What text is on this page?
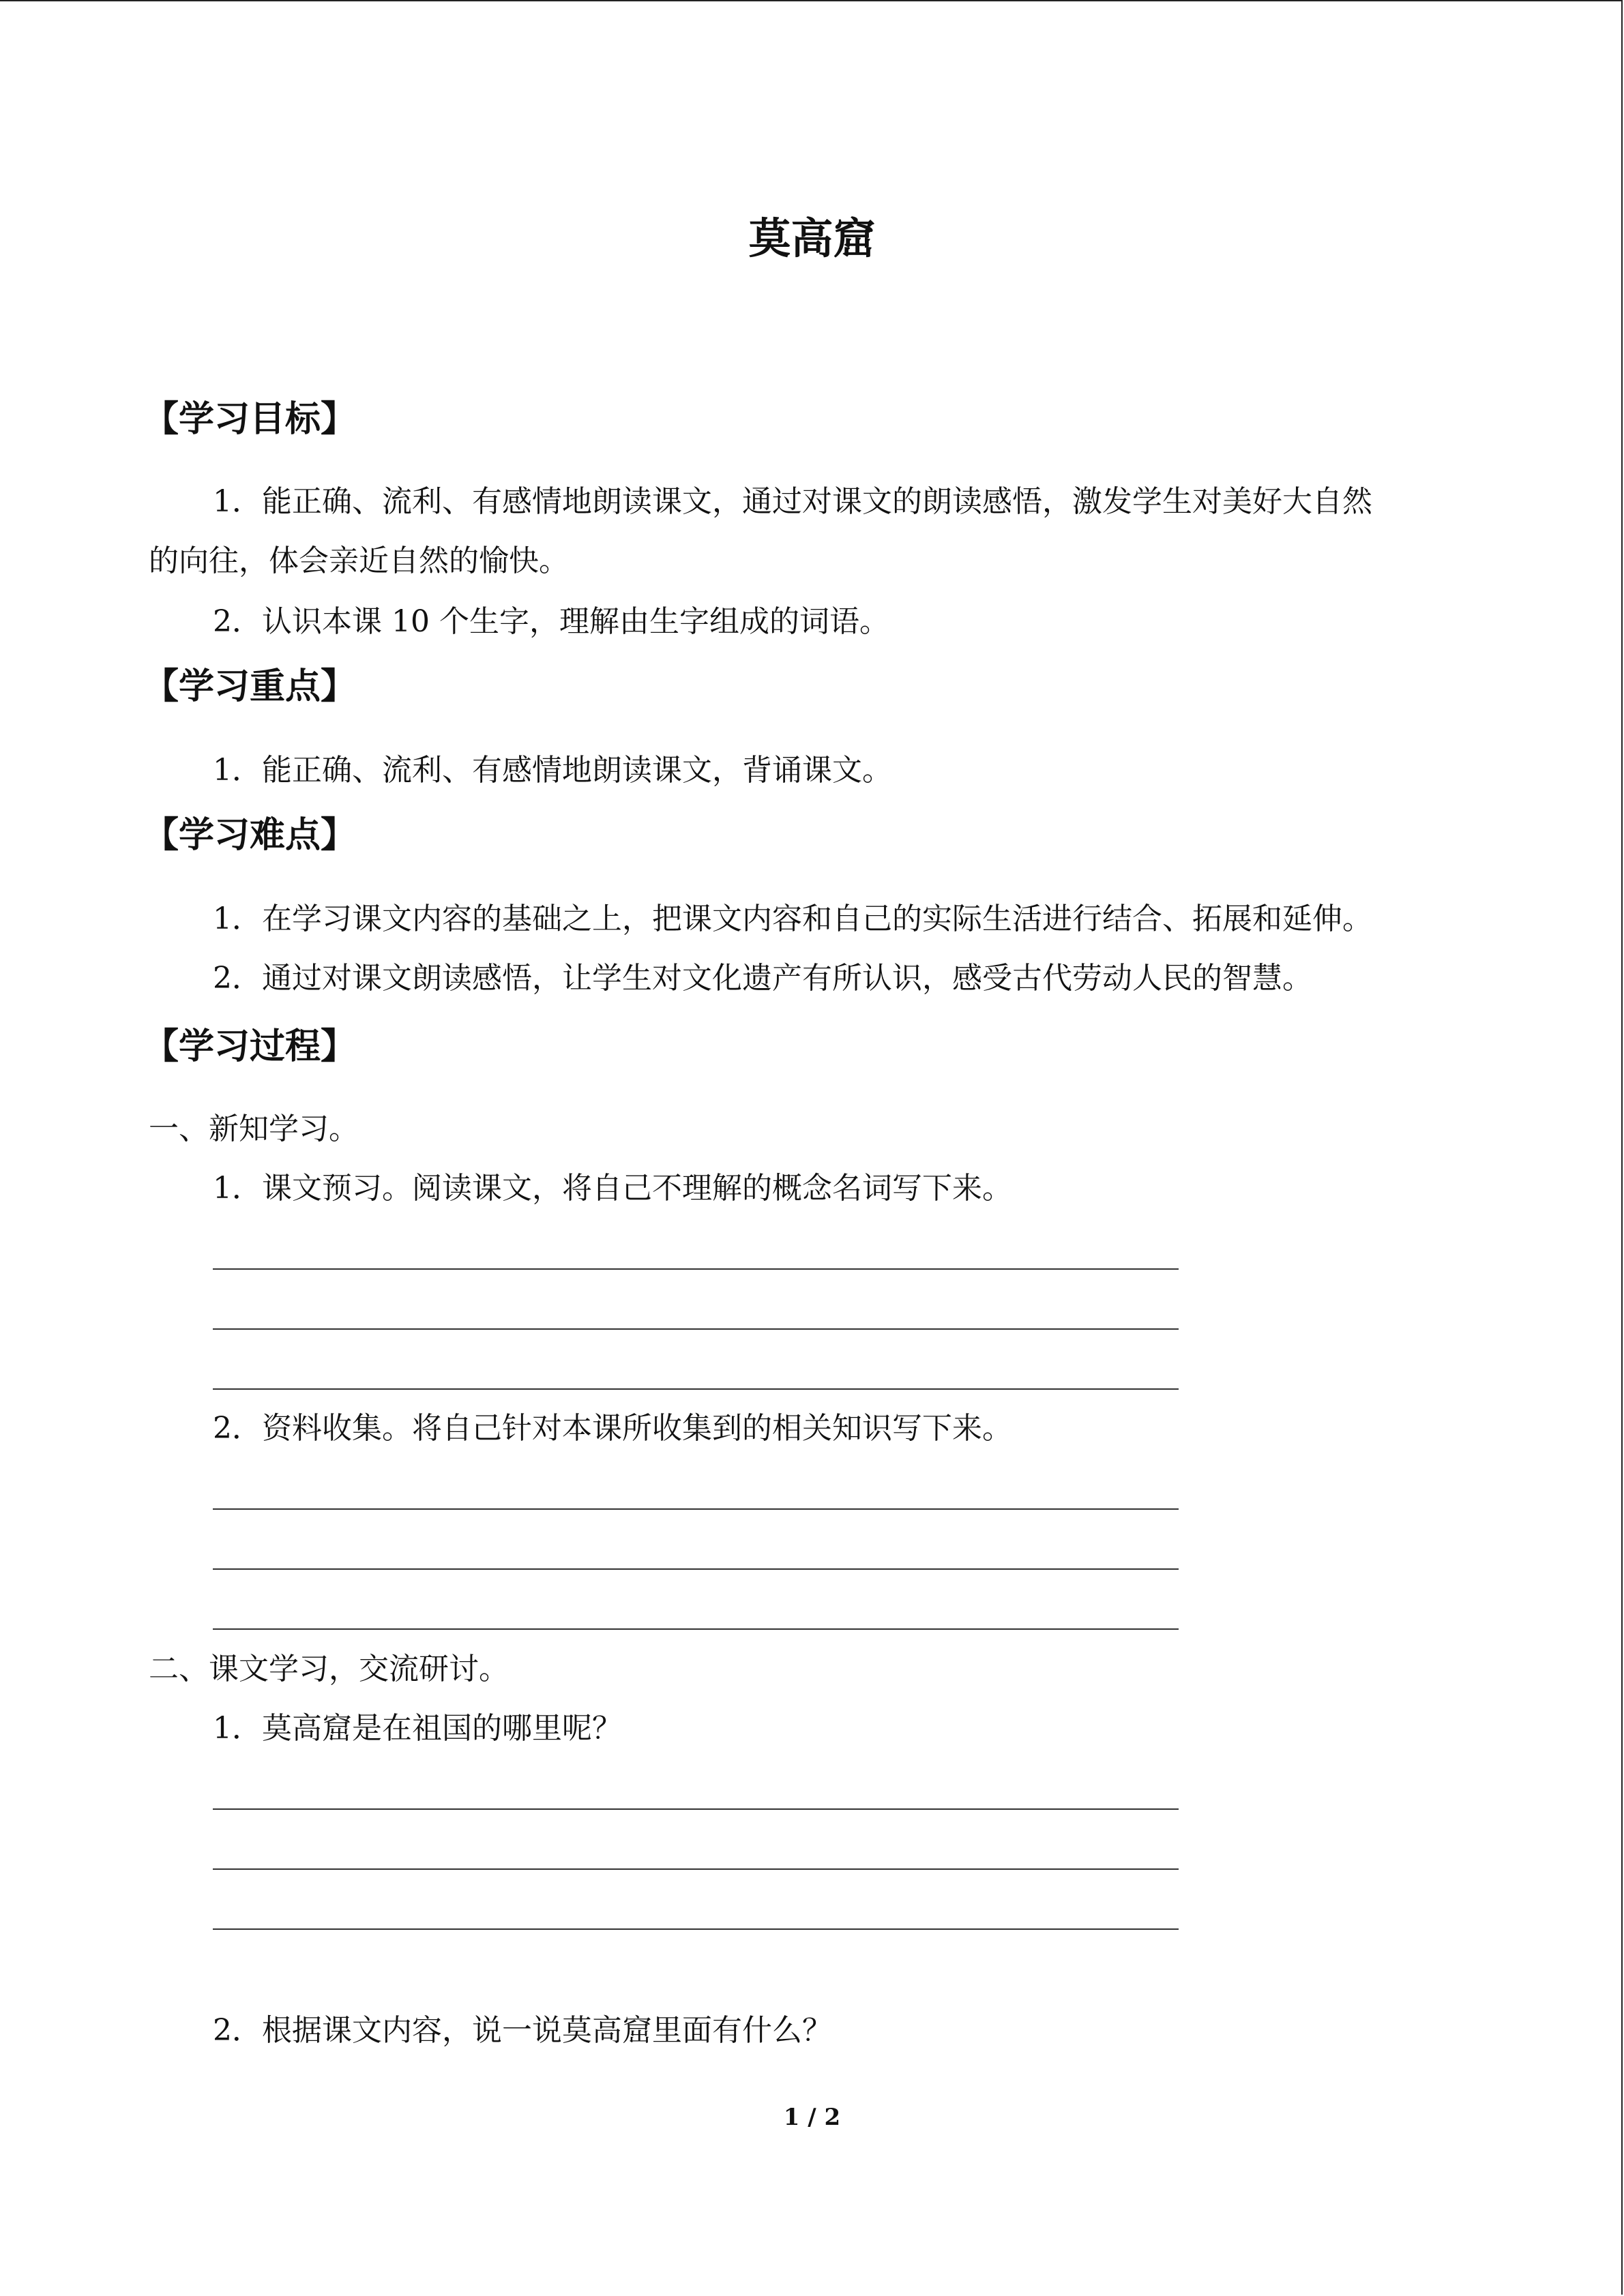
莫高窟
【学习目标】
1．能正确、流利、有感情地朗读课文，通过对课文的朗读感悟，激发学生对美好大自然
的向往，体会亲近自然的愉快。
2．认识本课 10 个生字，理解由生字组成的词语。
【学习重点】
1．能正确、流利、有感情地朗读课文，背诵课文。
【学习难点】
1．在学习课文内容的基础之上，把课文内容和自己的实际生活进行结合、拓展和延伸。
2．通过对课文朗读感悟，让学生对文化遗产有所认识，感受古代劳动人民的智慧。
【学习过程】
一、新知学习。
1．课文预习。阅读课文，将自己不理解的概念名词写下来。
2．资料收集。将自己针对本课所收集到的相关知识写下来。
二、课文学习，交流研讨。
1．莫高窟是在祖国的哪里呢？
2．根据课文内容，说一说莫高窟里面有什么？
1 / 2
